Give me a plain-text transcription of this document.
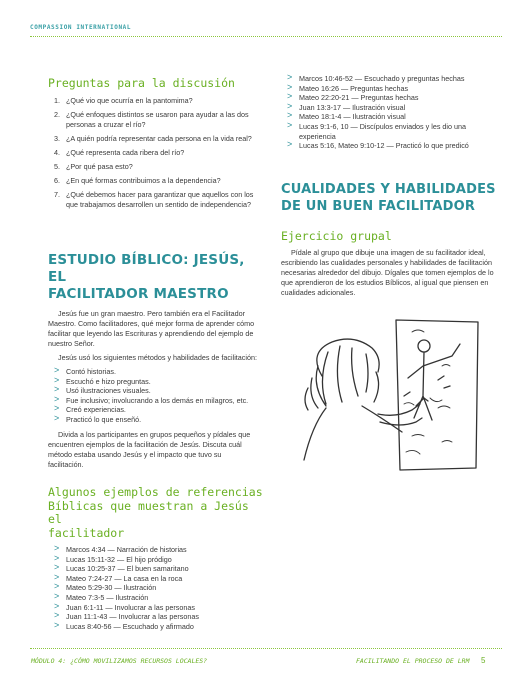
COMPASSION INTERNATIONAL
Preguntas para la discusión
1. ¿Qué vio que ocurría en la pantomima?
2. ¿Qué enfoques distintos se usaron para ayudar a las dos personas a cruzar el río?
3. ¿A quién podría representar cada persona en la vida real?
4. ¿Qué representa cada ribera del río?
5. ¿Por qué pasa esto?
6. ¿En qué formas contribuimos a la dependencia?
7. ¿Qué debemos hacer para garantizar que aquellos con los que trabajamos desarrollen un sentido de independencia?
ESTUDIO BÍBLICO: JESÚS, EL
FACILITADOR MAESTRO

Jesús fue un gran maestro. Pero también era el Facilitador Maestro. Como facilitadores, qué mejor forma de aprender cómo facilitar que leyendo las Escrituras y aprendiendo del ejemplo de nuestro Señor.

Jesús usó los siguientes métodos y habilidades de facilitación:

> Contó historias.
> Escuchó e hizo preguntas.
> Usó ilustraciones visuales.
> Fue inclusivo; involucrando a los demás en milagros, etc.
> Creó experiencias.
> Practicó lo que enseñó.

Divida a los participantes en grupos pequeños y pídales que encuentren ejemplos de la facilitación de Jesús. Discuta cuál método estaba usando Jesús y el impacto que tuvo su facilitación.

Algunos ejemplos de referencias
Bíblicas que muestran a Jesús el
facilitador
> Marcos 4:34 — Narración de historias
> Lucas 15:11-32 — El hijo pródigo
> Lucas 10:25-37 — El buen samaritano
> Mateo 7:24-27 — La casa en la roca
> Mateo 5:29-30 — Ilustración
> Mateo 7:3-5 — Ilustración
> Juan 6:1-11 — Involucrar a las personas
> Juan 11:1-43 — Involucrar a las personas
> Lucas 8:40-56 — Escuchado y afirmado
> Marcos 10:46-52 — Escuchado y preguntas hechas
> Mateo 16:26 — Preguntas hechas
> Mateo 22:20-21 — Preguntas hechas
> Juan 13:3-17 — Ilustración visual
> Mateo 18:1-4 — Ilustración visual
> Lucas 9:1-6, 10 — Discípulos enviados y les dio una experiencia
> Lucas 5:16, Mateo 9:10-12 — Practicó lo que predicó
CUALIDADES Y HABILIDADES
DE UN BUEN FACILITADOR
Ejercicio grupal

Pídale al grupo que dibuje una imagen de su facilitador ideal, escribiendo las cualidades personales y habilidades de facilitación necesarias alrededor del dibujo. Dígales que tomen ejemplos de lo que aprendieron de los estudios Bíblicos, al igual que piensen en cualidades adicionales.

MÓDULO 4: ¿CÓMO MOVILIZAMOS RECURSOS LOCALES?	FACILITANDO EL PROCESO DE LRM 5
